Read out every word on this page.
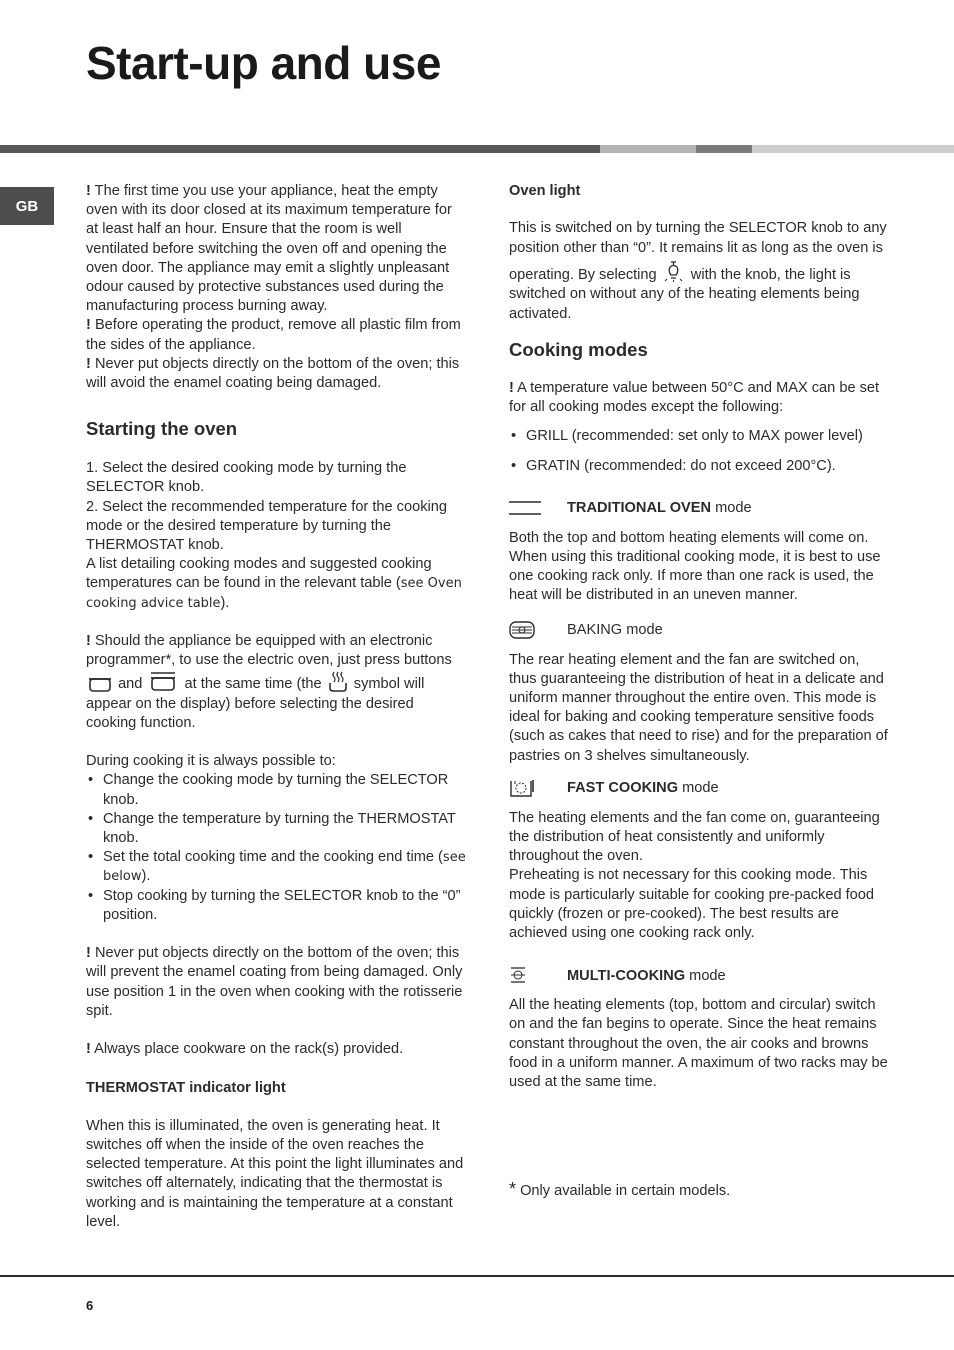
Start-up and use
GB

! The first time you use your appliance, heat the empty oven with its door closed at its maximum temperature for at least half an hour. Ensure that the room is well ventilated before switching the oven off and opening the oven door. The appliance may emit a slightly unpleasant odour caused by protective substances used during the manufacturing process burning away.

! Before operating the product, remove all plastic film from the sides of the appliance.

! Never put objects directly on the bottom of the oven; this will avoid the enamel coating being damaged.

Starting the oven

1. Select the desired cooking mode by turning the SELECTOR knob.

2. Select the recommended temperature for the cooking mode or the desired temperature by turning the THERMOSTAT knob.

A list detailing cooking modes and suggested cooking temperatures can be found in the relevant table (see Oven cooking advice table).

! Should the appliance be equipped with an electronic programmer*, to use the electric oven, just press buttons  and	at the same time (the symbol will appear on the display) before selecting the desired cooking function.

During cooking it is always possible to:

• Change the cooking mode by turning the SELECTOR knob.
• Change the temperature by turning the THERMOSTAT knob.
• Set the total cooking time and the cooking end time (see below).
• Stop cooking by turning the SELECTOR knob to the “0” position.

! Never put objects directly on the bottom of the oven; this will prevent the enamel coating from being damaged. Only use position 1 in the oven when cooking with the rotisserie spit.

! Always place cookware on the rack(s) provided.

THERMOSTAT indicator light

When this is illuminated, the oven is generating heat. It switches off when the inside of the oven reaches the selected temperature. At this point the light illuminates and switches off alternately, indicating that the thermostat is working and is maintaining the temperature at a constant level.

Oven light

This is switched on by turning the SELECTOR knob to any position other than “0”. It remains lit as long as the oven is operating. By selecting with the knob, the light is switched on without any of the heating elements being activated.

Cooking modes

! A temperature value between 50°C and MAX can be set for all cooking modes except the following:

• GRILL (recommended: set only to MAX power level)
• GRATIN (recommended: do not exceed 200°C).
TRADITIONAL OVEN mode

Both the top and bottom heating elements will come on. When using this traditional cooking mode, it is best to use one cooking rack only. If more than one rack is used, the heat will be distributed in an uneven manner.

BAKING mode

The rear heating element and the fan are switched on, thus guaranteeing the distribution of heat in a delicate and uniform manner throughout the entire oven. This mode is ideal for baking and cooking temperature sensitive foods (such as cakes that need to rise) and for the preparation of pastries on 3 shelves simultaneously.

FAST COOKING mode

The heating elements and the fan come on, guaranteeing the distribution of heat consistently and uniformly throughout the oven.

Preheating is not necessary for this cooking mode. This mode is particularly suitable for cooking pre-packed food quickly (frozen or pre-cooked). The best results are achieved using one cooking rack only.

MULTI-COOKING mode

All the heating elements (top, bottom and circular) switch on and the fan begins to operate. Since the heat remains constant throughout the oven, the air cooks and browns food in a uniform manner. A maximum of two racks may be used at the same time.

* Only available in certain models.

6
